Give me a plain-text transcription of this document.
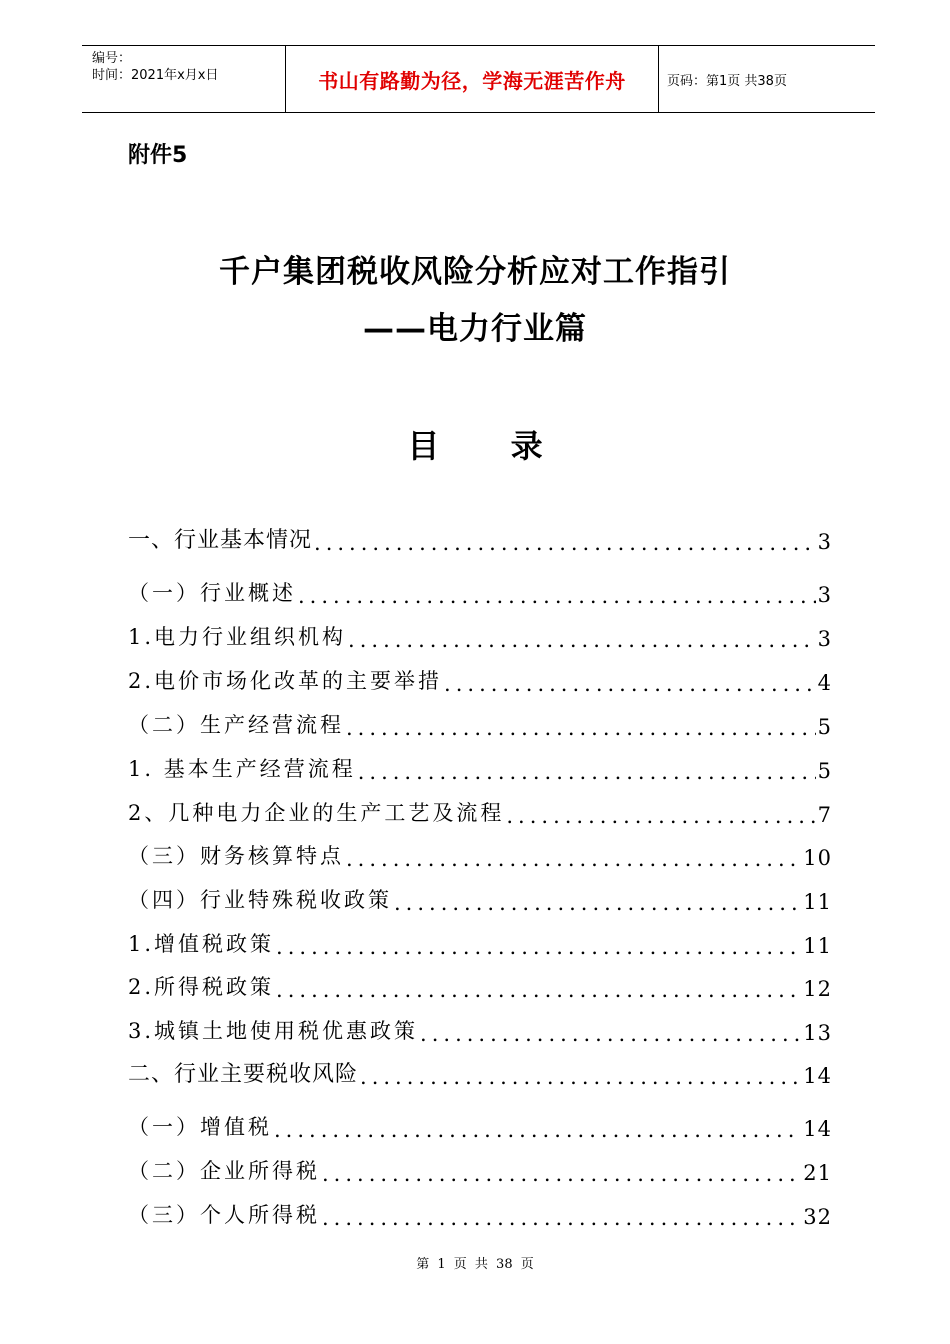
编号：
时间：2021年x月x日	书山有路勤为径，学海无涯苦作舟	页码：第1页 共38页
附件5
千户集团税收风险分析应对工作指引
——电力行业篇
目 录
一、行业基本情况 .....	3
（一）行业概述 .....	3
1.电力行业组织机构 .....	3
2.电价市场化改革的主要举措 .....	4
（二）生产经营流程 .....	5
1. 基本生产经营流程 .....	5
2、几种电力企业的生产工艺及流程 .....	7
（三）财务核算特点 .....	10
（四）行业特殊税收政策 .....	11
1.增值税政策 .....	11
2.所得税政策 .....	12
3.城镇土地使用税优惠政策 .....	13
二、行业主要税收风险 .....	14
（一）增值税 .....	14
（二）企业所得税 .....	21
（三）个人所得税 .....	32
第 1 页 共 38 页
